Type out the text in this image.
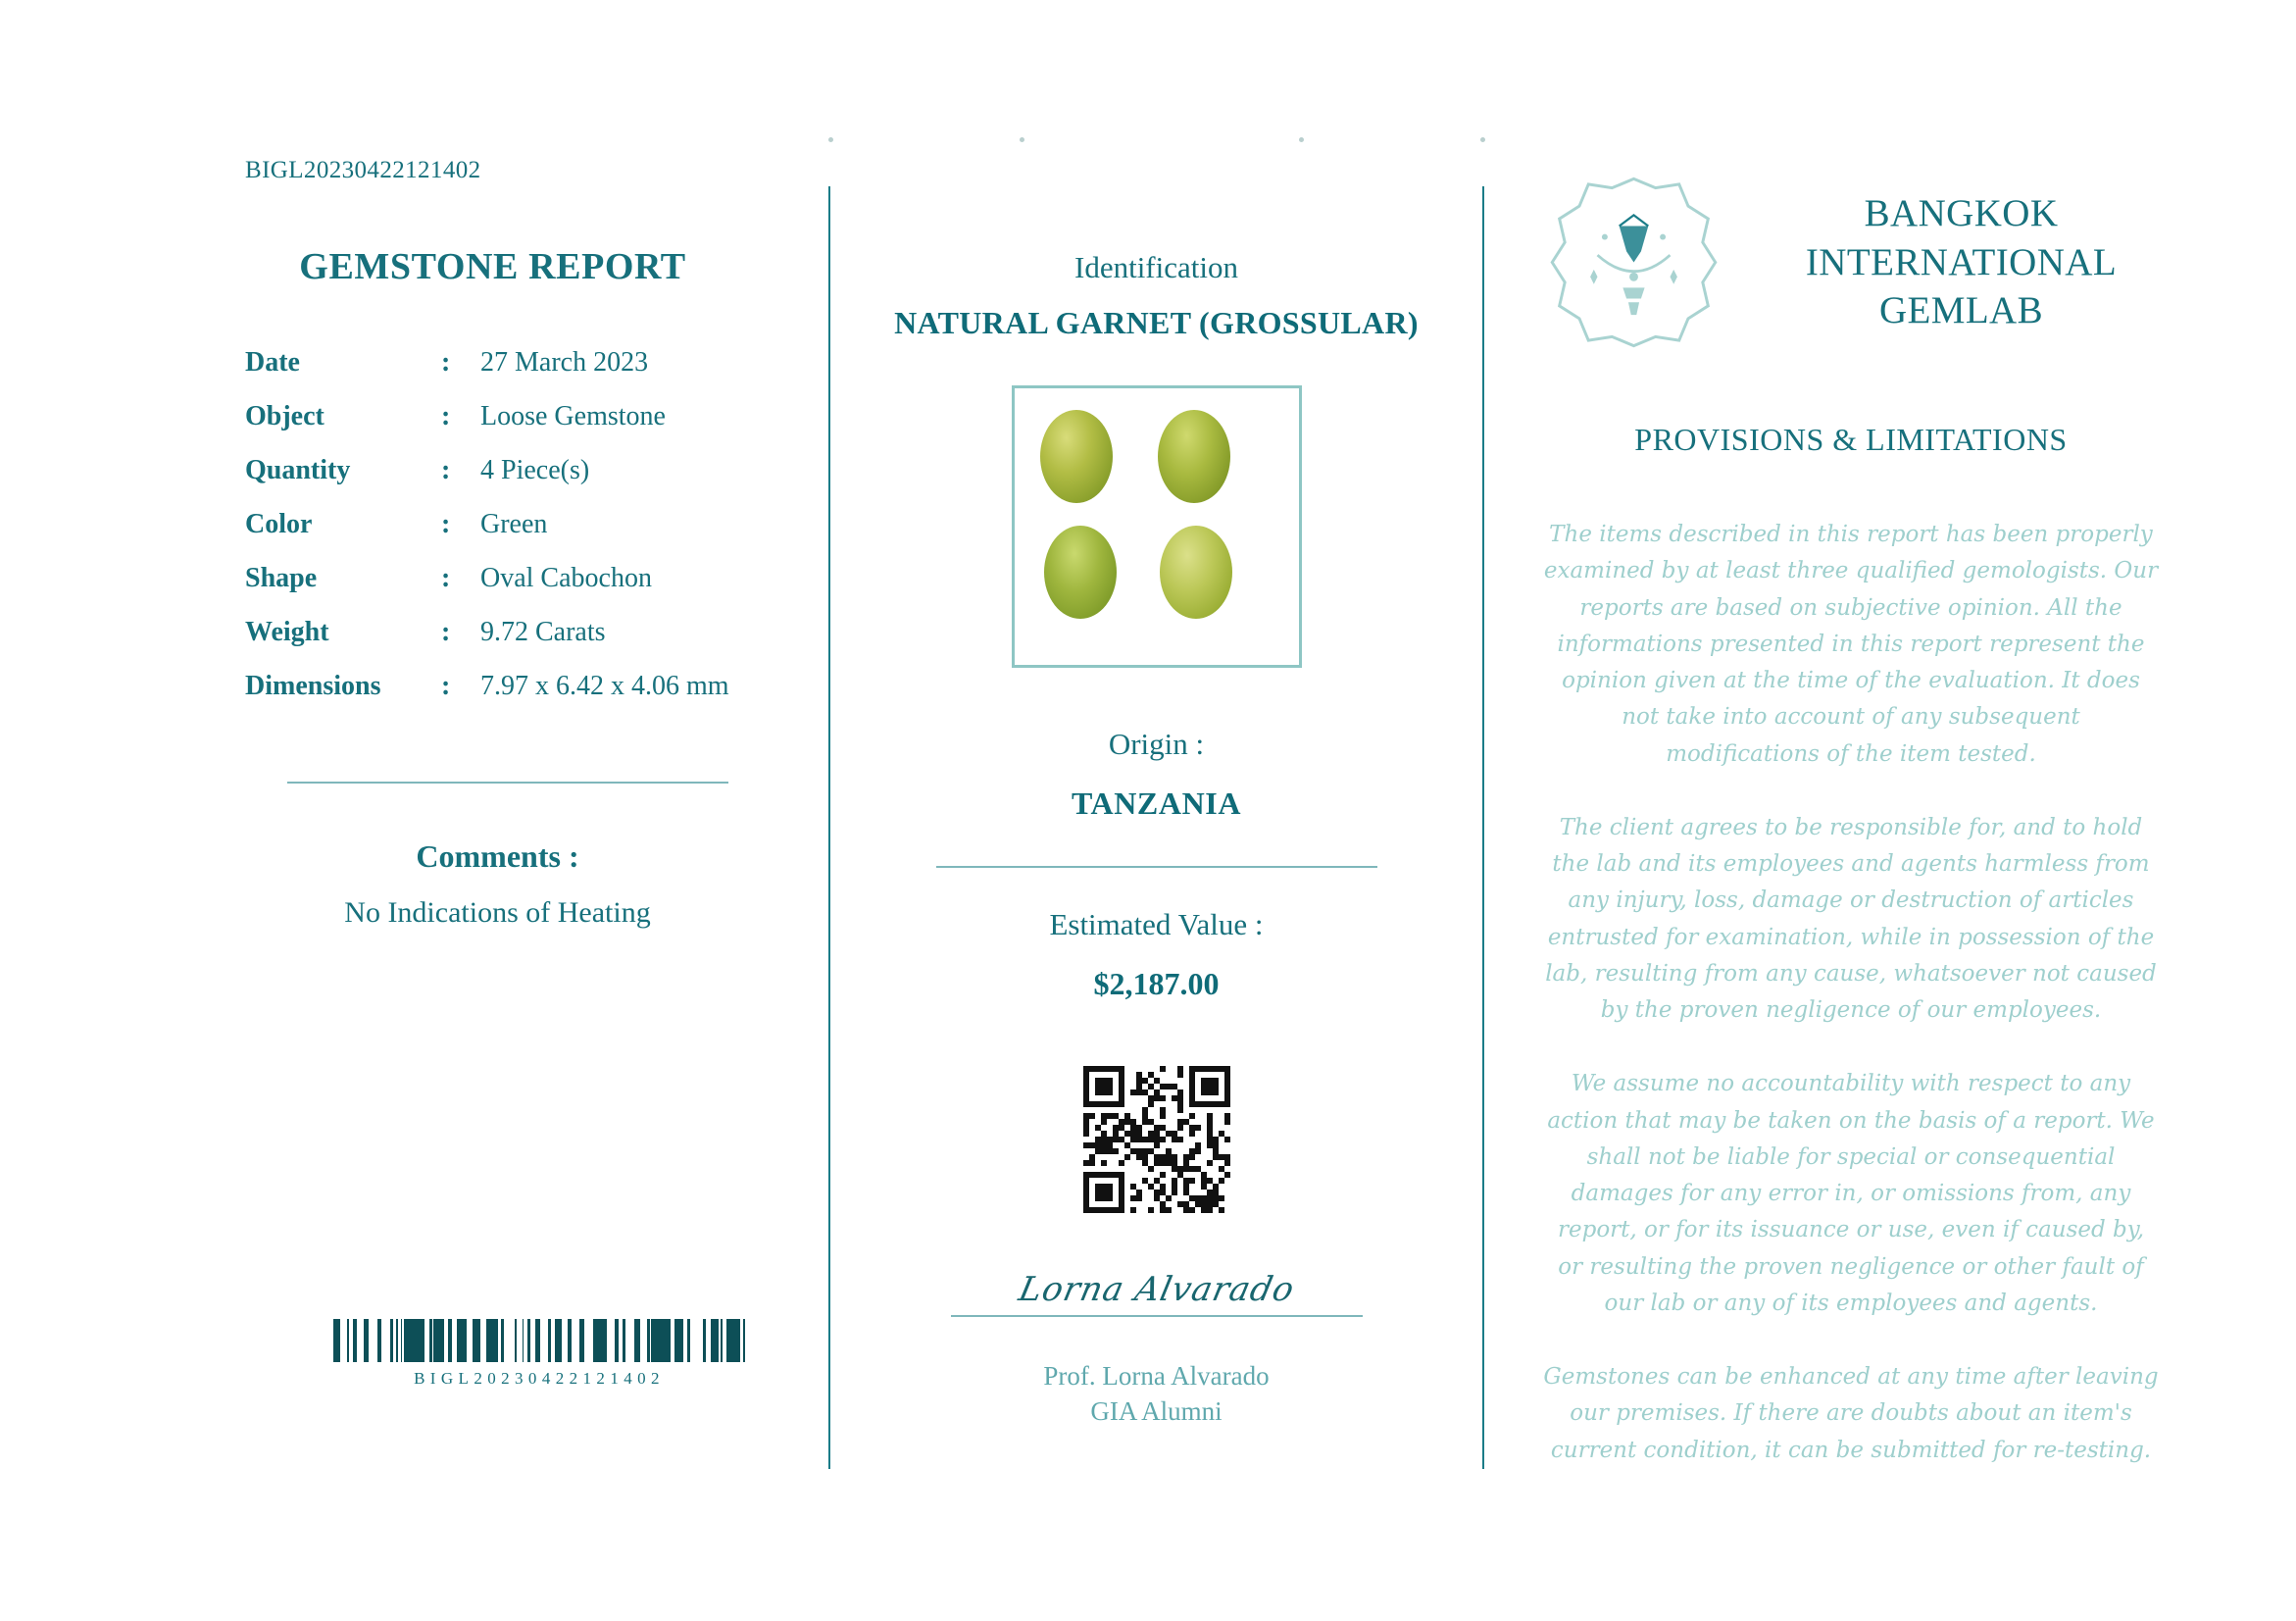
BIGL20230422121402
GEMSTONE REPORT
Date	:	27 March 2023
Object	:	Loose Gemstone
Quantity	:	4 Piece(s)
Color	:	Green
Shape	:	Oval Cabochon
Weight	:	9.72 Carats
Dimensions	:	7.97 x 6.42 x 4.06 mm
Comments :
No Indications of Heating
Identification
NATURAL GARNET (GROSSULAR)
Origin :
TANZANIA
Estimated Value :
$2,187.00
Lorna Alvarado
Prof. Lorna Alvarado
GIA Alumni
BANGKOK
INTERNATIONAL
GEMLAB
PROVISIONS & LIMITATIONS

The items described in this report has been properly examined by at least three qualified gemologists. Our reports are based on subjective opinion. All the informations presented in this report represent the opinion given at the time of the evaluation. It does not take into account of any subsequent modifications of the item tested.

The client agrees to be responsible for, and to hold the lab and its employees and agents harmless from any injury, loss, damage or destruction of articles entrusted for examination, while in possession of the lab, resulting from any cause, whatsoever not caused by the proven negligence of our employees.

We assume no accountability with respect to any action that may be taken on the basis of a report. We shall not be liable for special or consequential damages for any error in, or omissions from, any report, or for its issuance or use, even if caused by, or resulting the proven negligence or other fault of our lab or any of its employees and agents.

Gemstones can be enhanced at any time after leaving our premises. If there are doubts about an item's current condition, it can be submitted for re-testing.

BIGL20230422121402
